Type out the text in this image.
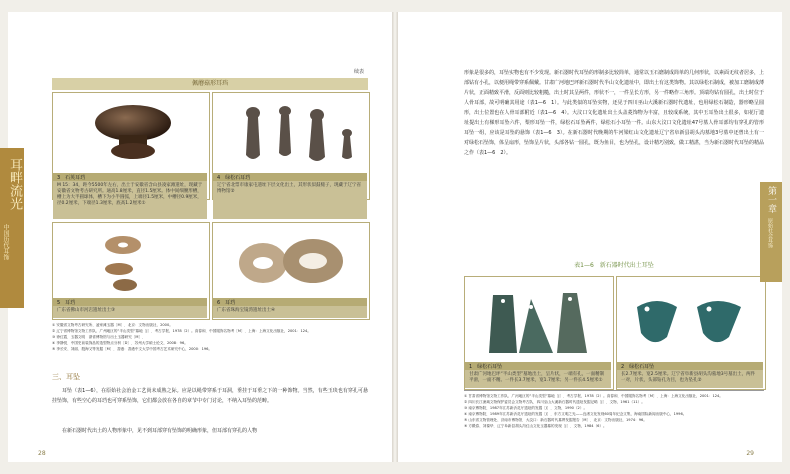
耳畔流光
中国历代耳饰
续表
佩蘑菇形耳珰
3　石英耳珰
M 15：34，距今5500年左右，出土于安徽省含山县凌家滩遗址，现藏于安徽省文物考古研究所。通高1.8厘米，直径1.5厘米。体中间细腰形槽，槽上为大半圆球体，槽下为小半圆弧，上端径1.5厘米，中槽径0.9厘米，径0.2厘米，下端径1.3厘米，底高1.2厘米①
4　绿松石耳珰
辽宁省北票市康家屯遗址下层文化出土，其形状似鼓槌子，现藏于辽宁省博物馆②
5　耳珰
广东省佛山市河宕遗址出土③
6　耳珰
广东省珠海宝镜湾遗址出土④
① 安徽省文物考古研究所、凌家滩玉器［M］．北京：文物出版社，2000。
② 辽宁省博物馆文物工作队、广州地区的“半山类型”墓地［J］．考古学报，1978（2）。高春和．中国服饰名物考［M］．上海：上海文化出版社，2001：124。
③ 徐红霞．玉器文明　浙省博物馆与出土玉器研究［M］．
④ 李静悦．中国史前装饰品的造型特点分析［D］．苏州大学硕士论文，2008：96。
⑤ 李长安、刘丽、殷海又等发掘［M］．香港：香港中文大学中国考古艺术研究中心，2000：196。
三、耳坠
耳坠（表1—6），在原始社会治金工艺尚未成熟之际。应是以绳带穿系于耳洞，垂挂于耳垂之下的一种饰物。当然，有些玉玦也有穿孔可悬挂坠饰，有些空心的耳珰也可穿系坠饰，它们都会放在各自的章节中专门讨论，不纳入耳坠的范畴。
在新石器时代出土的人物形象中，见不到耳部穿有坠饰的明确形象，但耳部有穿孔的人物
28
形象是很多的，耳坠实物也有不少发现。新石器时代耳坠的形制多比较简单，通常以玉石磨制成简单的几何形状，以素面无纹者居多，上部钻有小孔，以便用绳带穿系佩戴。甘肃广河地巴坪新石器时代半山文化遗址中，即出土有这类饰物。其以绿松石制成，被加工磨制成薄片状，正面精致平滑，反面则比较粗糙，出土时其呈两件，形状不一，一件呈长方形，另一件略作三角形。顶端均钻有圆孔，出土时位于人骨耳部，故可明确其用途（表1—6　1）。与此类似的耳坠实物，还见于四川巫山大溪新石器时代遗址，也用绿松石制造，器形略呈圆形，出土位置也在人骨耳部附近（表1—6　4）。大汶口文化遗址出土头盖菱饰物为丰富，且较成系统，其中玉耳坠出土很多，如花厅遗址提出土有梯形耳坠六件，梨形耳坠一件，绿松石耳坠两件，绿松石小耳坠一件。山东大汶口文化遗址47号墓人骨耳部均有穿孔的管形耳坠一组，应该是耳坠的悬饰（表1—6　3）。在新石器时代晚期的牛河梁红山文化遗址辽宁省阜新县胡头沟墓地3号墓中还曾出土有一对绿松石坠饰，体呈扇形，坠饰呈片状，头部各钻一圆孔，既为鱼目，也为坠孔，设计精巧别致，做工精湛，当为新石器时代耳坠的精品之作（表1—6　2）。
表1—6　新石器时代出土耳坠
1　绿松石耳坠
甘肃广河地巴坪“半山类型”墓地出土，呈片状，一端有孔，一面精制平滑，一面不精。一件长3.7厘米，宽1.7厘米；另一件长4.5厘米①
2　绿松石耳坠
长2.7厘米、宽2.5厘米。辽宁省阜新县胡头沟墓地3号墓出土，两件一对，片状，头部钻孔为目，也为坠孔②
① 甘肃省博物馆文物工作队、广河地区的“半山类型”墓地［J］．考古学报，1978（2）。高春和．中国服饰名物考［M］．上海：上海文化出版社，2001：124。
② 四川长江流域文物保护委员会文物考古队．四川巫山大溪新石器时代遗址发掘记略［J］．文物，1961（11）。
③ 南京博物院．1987年江苏新沂花厅遗址的发掘［J］．文物，1990（2）。
④ 南京博物院．1989年江苏新沂花厅遗址的发掘［J］．东方文明之光——良渚文化发现60周年纪念文集，海南国际新闻出版中心，1996。
⑤ 山东省文物管理处、济南市博物馆．大汶口：新石器时代墓葬发掘报告［M］．北京：文物出版社，1974：96。
⑥ 方殿春、刘葆华．辽宁阜新县胡头沟红山文化玉器墓的发现［J］．文物，1984（6）。
第一章
原始社会耳饰
29
